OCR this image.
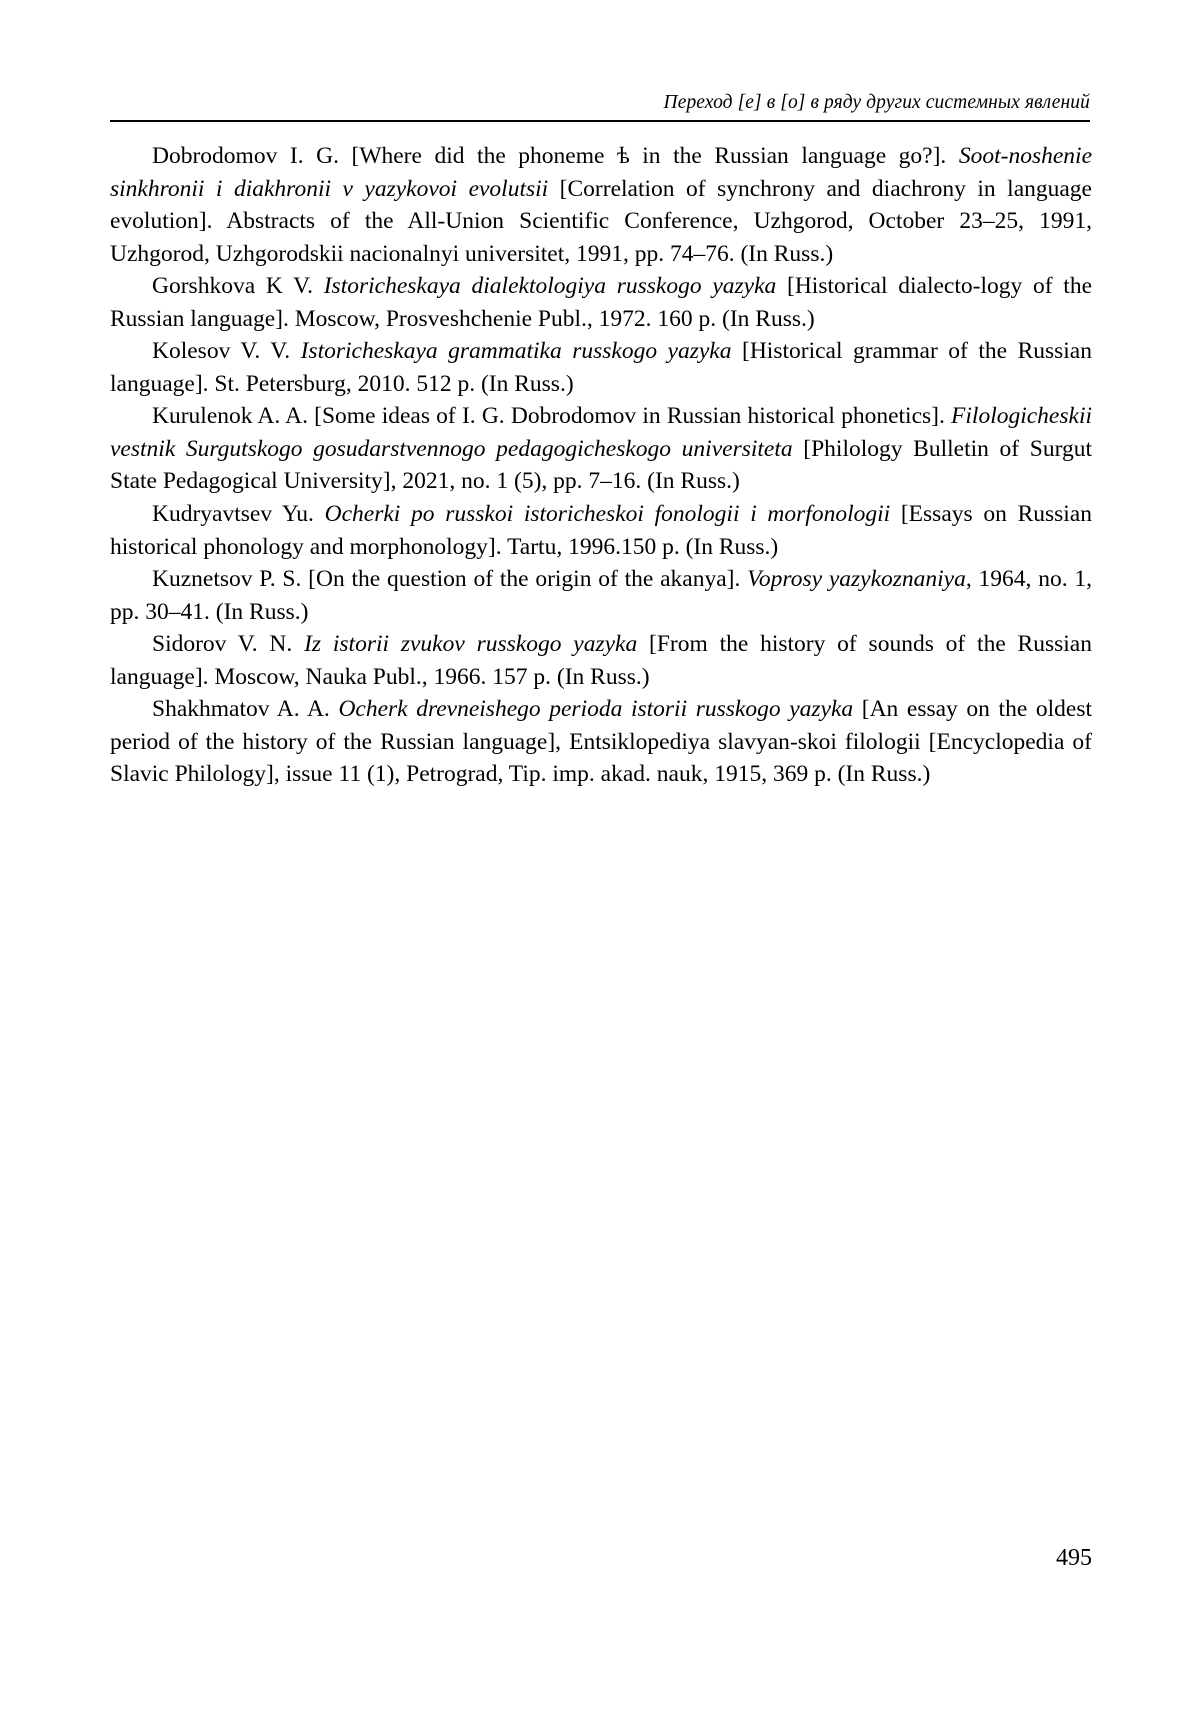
Переход [е] в [о] в ряду других системных явлений

Dobrodomov I. G. [Where did the phoneme ѣ in the Russian language go?]. Soot-noshenie sinkhronii i diakhronii v yazykovoi evolutsii [Correlation of synchrony and diachrony in language evolution]. Abstracts of the All-Union Scientific Conference, Uzhgorod, October 23–25, 1991, Uzhgorod, Uzhgorodskii nacionalnyi universitet, 1991, pp. 74–76. (In Russ.)

Gorshkova K V. Istoricheskaya dialektologiya russkogo yazyka [Historical dialecto-logy of the Russian language]. Moscow, Prosveshchenie Publ., 1972. 160 p. (In Russ.)

Kolesov V. V. Istoricheskaya grammatika russkogo yazyka [Historical grammar of the Russian language]. St. Petersburg, 2010. 512 p. (In Russ.)

Kurulenok A. A. [Some ideas of I. G. Dobrodomov in Russian historical phonetics]. Filologicheskii vestnik Surgutskogo gosudarstvennogo pedagogicheskogo universiteta [Philology Bulletin of Surgut State Pedagogical University], 2021, no. 1 (5), pp. 7–16. (In Russ.)

Kudryavtsev Yu. Ocherki po russkoi istoricheskoi fonologii i morfonologii [Essays on Russian historical phonology and morphonology]. Tartu, 1996.150 p. (In Russ.)

Kuznetsov P. S. [On the question of the origin of the akanya]. Voprosy yazykoznaniya, 1964, no. 1, pp. 30–41. (In Russ.)

Sidorov V. N. Iz istorii zvukov russkogo yazyka [From the history of sounds of the Russian language]. Moscow, Nauka Publ., 1966. 157 p. (In Russ.)

Shakhmatov A. A. Ocherk drevneishego perioda istorii russkogo yazyka [An essay on the oldest period of the history of the Russian language], Entsiklopediya slavyan-skoi filologii [Encyclopedia of Slavic Philology], issue 11 (1), Petrograd, Tip. imp. akad. nauk, 1915, 369 p. (In Russ.)

495
